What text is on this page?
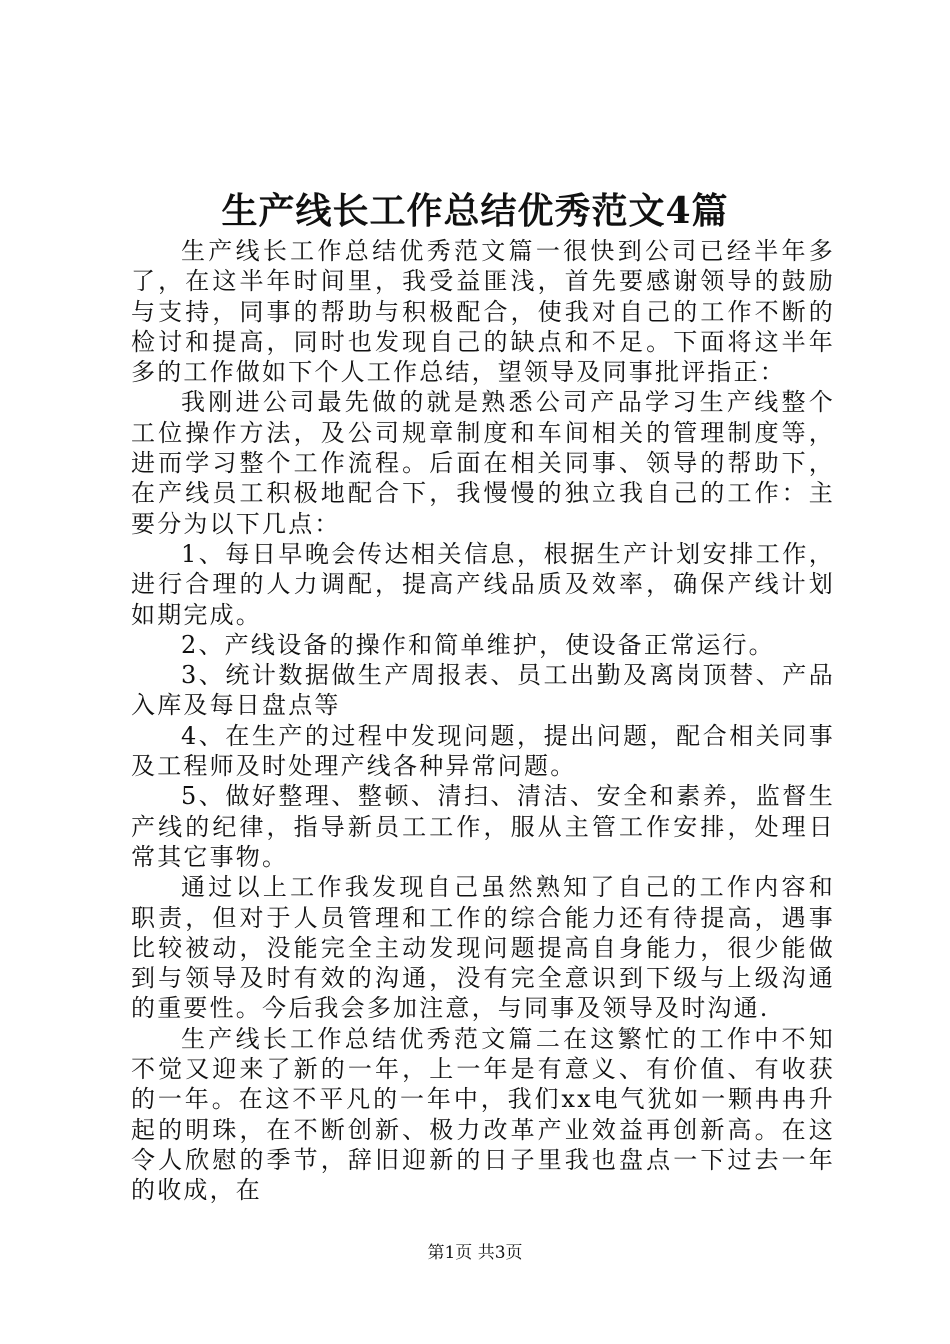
生产线长工作总结优秀范文4篇

生产线长工作总结优秀范文篇一很快到公司已经半年多了，在这半年时间里，我受益匪浅，首先要感谢领导的鼓励与支持，同事的帮助与积极配合，使我对自己的工作不断的检讨和提高，同时也发现自己的缺点和不足。下面将这半年多的工作做如下个人工作总结，望领导及同事批评指正：

我刚进公司最先做的就是熟悉公司产品学习生产线整个工位操作方法，及公司规章制度和车间相关的管理制度等，进而学习整个工作流程。后面在相关同事、领导的帮助下，在产线员工积极地配合下，我慢慢的独立我自己的工作：主要分为以下几点：

1、每日早晚会传达相关信息，根据生产计划安排工作，进行合理的人力调配，提高产线品质及效率，确保产线计划如期完成。

2、产线设备的操作和简单维护，使设备正常运行。

3、统计数据做生产周报表、员工出勤及离岗顶替、产品入库及每日盘点等

4、在生产的过程中发现问题，提出问题，配合相关同事及工程师及时处理产线各种异常问题。

5、做好整理、整顿、清扫、清洁、安全和素养，监督生产线的纪律，指导新员工工作，服从主管工作安排，处理日常其它事物。

通过以上工作我发现自己虽然熟知了自己的工作内容和职责，但对于人员管理和工作的综合能力还有待提高，遇事比较被动，没能完全主动发现问题提高自身能力，很少能做到与领导及时有效的沟通，没有完全意识到下级与上级沟通的重要性。今后我会多加注意，与同事及领导及时沟通.

生产线长工作总结优秀范文篇二在这繁忙的工作中不知不觉又迎来了新的一年，上一年是有意义、有价值、有收获的一年。在这不平凡的一年中，我们xx电气犹如一颗冉冉升起的明珠，在不断创新、极力改革产业效益再创新高。在这令人欣慰的季节，辞旧迎新的日子里我也盘点一下过去一年的收成，在

第1页 共3页
